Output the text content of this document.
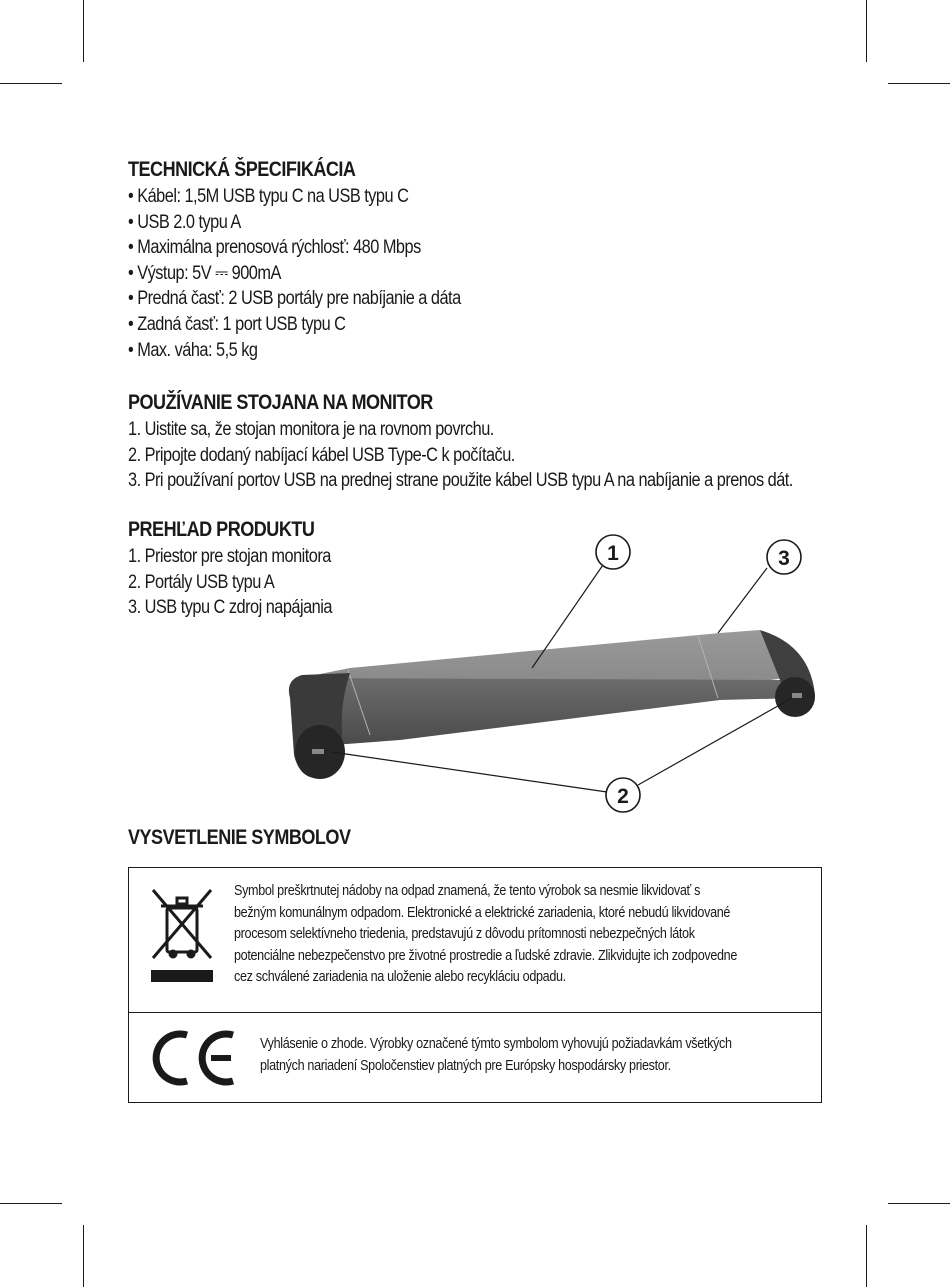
TECHNICKÁ ŠPECIFIKÁCIA
• Kábel: 1,5M USB typu C na USB typu C
• USB 2.0 typu A
• Maximálna prenosová rýchlosť: 480 Mbps
• Výstup: 5V ⎓ 900mA
• Predná časť: 2 USB portály pre nabíjanie a dáta
• Zadná časť: 1 port USB typu C
• Max. váha: 5,5 kg
POUŽÍVANIE STOJANA NA MONITOR
1. Uistite sa, že stojan monitora je na rovnom povrchu.
2. Pripojte dodaný nabíjací kábel USB Type-C k počítaču.
3. Pri používaní portov USB na prednej strane použite kábel USB typu A na nabíjanie a prenos dát.
PREHĽAD PRODUKTU
1. Priestor pre stojan monitora
2. Portály USB typu A
3. USB typu C zdroj napájania
1	3
2
VYSVETLENIE SYMBOLOV
Symbol preškrtnutej nádoby na odpad znamená, že tento výrobok sa nesmie likvidovať s
bežným komunálnym odpadom. Elektronické a elektrické zariadenia, ktoré nebudú likvidované
procesom selektívneho triedenia, predstavujú z dôvodu prítomnosti nebezpečných látok
potenciálne nebezpečenstvo pre životné prostredie a ľudské zdravie. Zlikvidujte ich zodpovedne
cez schválené zariadenia na uloženie alebo recykláciu odpadu.
Vyhlásenie o zhode. Výrobky označené týmto symbolom vyhovujú požiadavkám všetkých
platných nariadení Spoločenstiev platných pre Európsky hospodársky priestor.
